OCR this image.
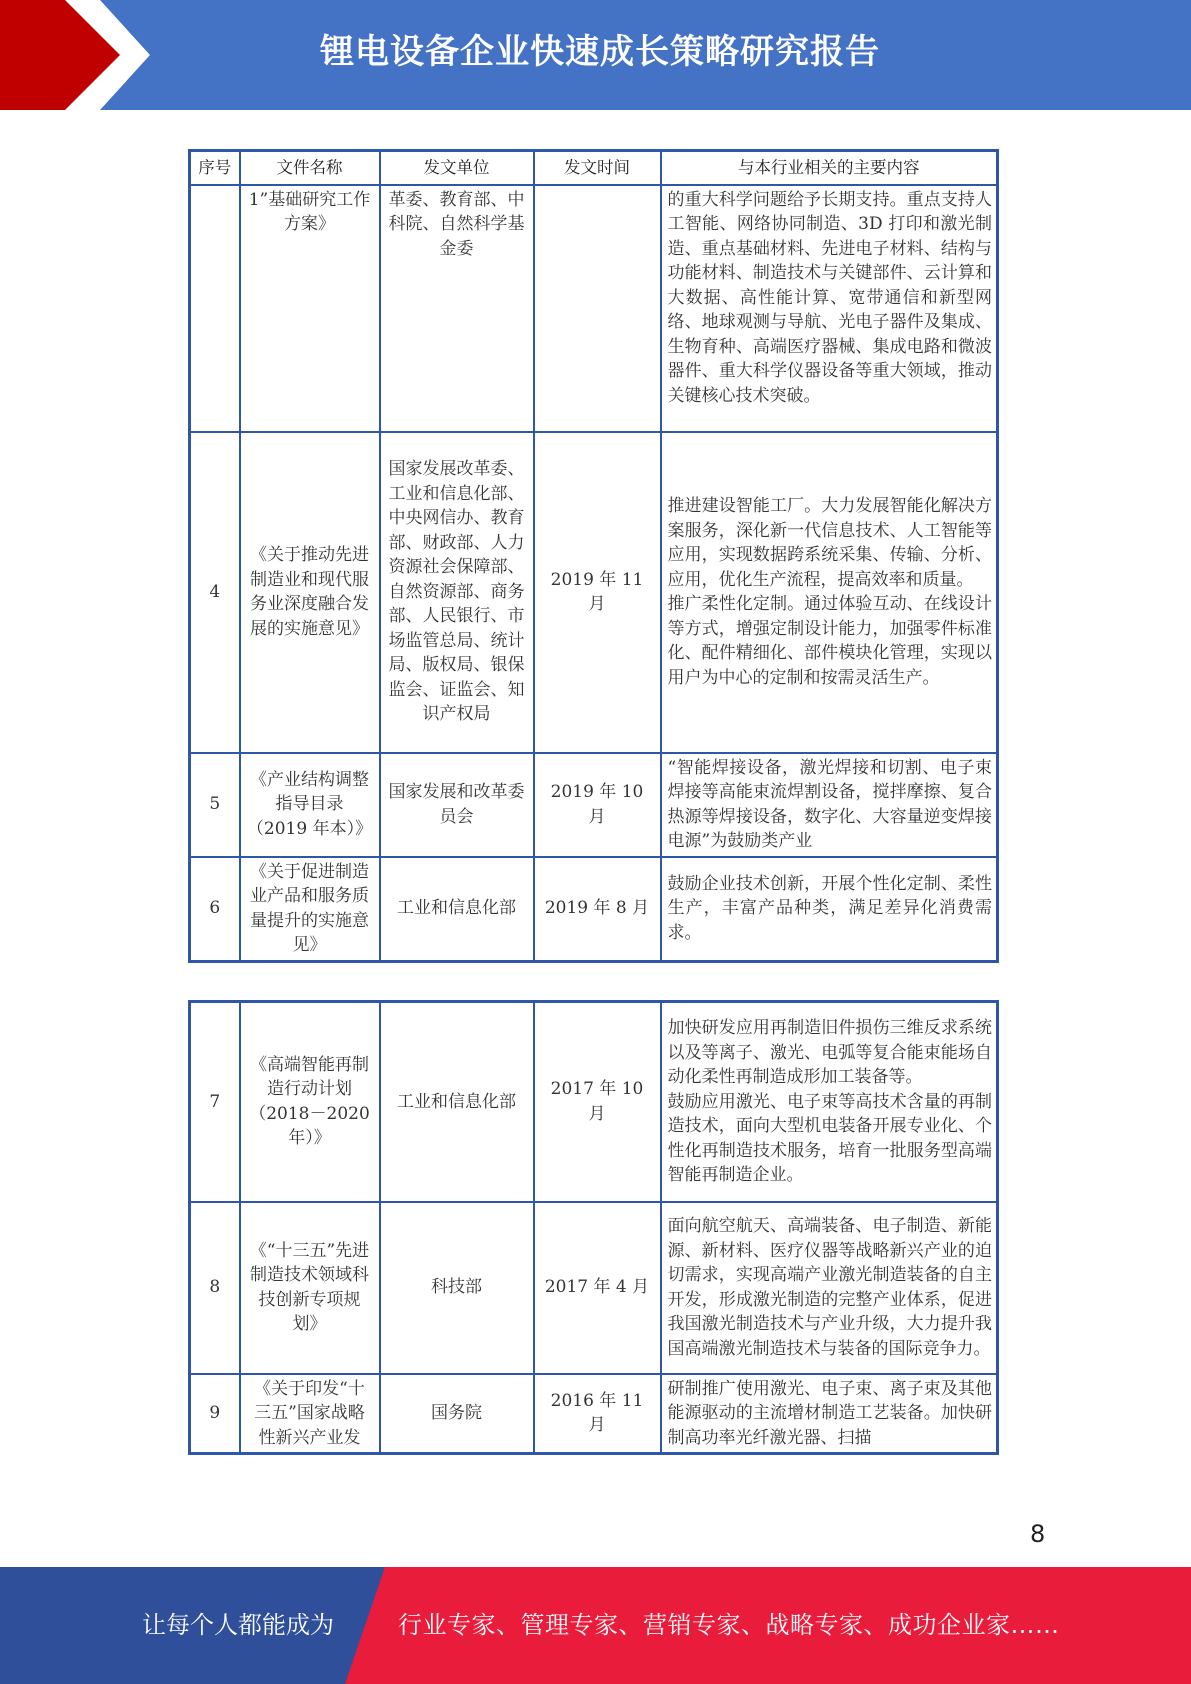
锂电设备企业快速成长策略研究报告
序号	文件名称	发文单位	发文时间	与本行业相关的主要内容
	1”基础研究工作方案》	革委、教育部、中科院、自然科学基金委		的重大科学问题给予长期支持。重点支持人工智能、网络协同制造、3D 打印和激光制造、重点基础材料、先进电子材料、结构与功能材料、制造技术与关键部件、云计算和大数据、高性能计算、宽带通信和新型网络、地球观测与导航、光电子器件及集成、生物育种、高端医疗器械、集成电路和微波器件、重大科学仪器设备等重大领域，推动关键核心技术突破。
4	《关于推动先进制造业和现代服务业深度融合发展的实施意见》	国家发展改革委、工业和信息化部、中央网信办、教育部、财政部、人力资源社会保障部、自然资源部、商务部、人民银行、市场监管总局、统计局、版权局、银保监会、证监会、知识产权局	2019 年 11 月	推进建设智能工厂。大力发展智能化解决方案服务，深化新一代信息技术、人工智能等应用，实现数据跨系统采集、传输、分析、应用，优化生产流程，提高效率和质量。
推广柔性化定制。通过体验互动、在线设计等方式，增强定制设计能力，加强零件标准化、配件精细化、部件模块化管理，实现以用户为中心的定制和按需灵活生产。
5	《产业结构调整指导目录（2019 年本）》	国家发展和改革委员会	2019 年 10 月	“智能焊接设备，激光焊接和切割、电子束焊接等高能束流焊割设备，搅拌摩擦、复合热源等焊接设备，数字化、大容量逆变焊接电源”为鼓励类产业
6	《关于促进制造业产品和服务质量提升的实施意见》	工业和信息化部	2019 年 8 月	鼓励企业技术创新，开展个性化定制、柔性生产，丰富产品种类，满足差异化消费需求。
7	《高端智能再制造行动计划（2018－2020年）》	工业和信息化部	2017 年 10 月	加快研发应用再制造旧件损伤三维反求系统以及等离子、激光、电弧等复合能束能场自动化柔性再制造成形加工装备等。
鼓励应用激光、电子束等高技术含量的再制造技术，面向大型机电装备开展专业化、个性化再制造技术服务，培育一批服务型高端智能再制造企业。
8	《“十三五”先进制造技术领域科技创新专项规划》	科技部	2017 年 4 月	面向航空航天、高端装备、电子制造、新能源、新材料、医疗仪器等战略新兴产业的迫切需求，实现高端产业激光制造装备的自主开发，形成激光制造的完整产业体系，促进我国激光制造技术与产业升级，大力提升我国高端激光制造技术与装备的国际竞争力。
9	《关于印发“十三五”国家战略性新兴产业发	国务院	2016 年 11 月	研制推广使用激光、电子束、离子束及其他能源驱动的主流增材制造工艺装备。加快研制高功率光纤激光器、扫描
8
让每个人都能成为	行业专家、管理专家、营销专家、战略专家、成功企业家……
